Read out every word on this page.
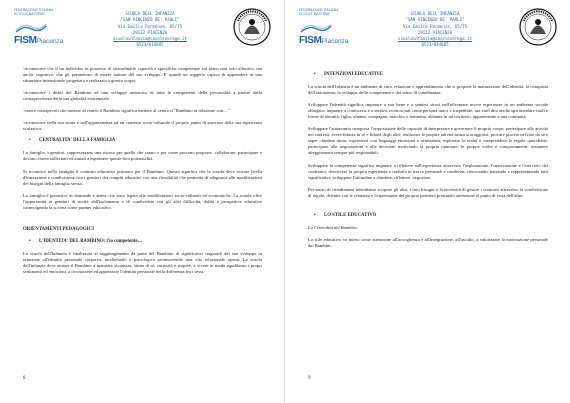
FEDERAZIONE ITALIANA
SCUOLE MATERNE
FISMPiacenza
SCUOLA DELL'INFANZIA
"SAN VINCENZO DE' PAOLI"
Via Emilia Parmense, 65/75
29122 PIACENZA
scuolainfanzia@caselezerego.it
0523/614885

-riconoscere che il un individuo in possesso di straordinarie capacità e specifiche competenze sul piano non solo affettivo, ma anche cognitivo, che gli permettono di essere fautore del suo sviluppo. E' quindi un soggetto capace di apprendere in una situazione intenzionale progettata e realizzata a questo scopo;

-riconoscere i diritti del Bambino ad uno sviluppo armonico di tutte le componenti della personalità a partire dalla consapevolezza della sua globalità esistenziale.

-essere consapevoli che mettere al centro il Bambino significa mettere al centro il "Bambino in relazione con…"

-riconoscere nella sua storia e nell'appartenenza ad un contesto socio-culturale il proprio punto di partenza della sua esperienza scolastica.

•	CENTRALITA' DELLA FAMIGLIA

La famiglia, i genitori, rappresentano una risorsa per quello che sanno e per come possono proporre, collaborare, partecipare e devono essere sollecitati ed aiutati a esprimere queste loro potenzialità.

Si riconosce nella famiglia il contesto educativo primario per il Bambino. Questo significa che la scuola deve trovare livelli d'interazione e condivisione con i genitori dei compiti educativi con una flessibilità che permetta di adeguarsi alle modificazioni dei bisogni della famiglia stessa.

La famiglia è portatrice di domande e attese che sono legate alle modificazioni socio-culturali ed economiche. La scuola offre l'opportunità ai genitori di uscire dall'isolamento e di condividere con gli altri difficoltà, dubbi e prospettive educative coinvolgendo la società come partner educativo.

ORIENTAMENTI PEDAGOGICI
•	L'IDENTITA' DEL BAMBINO: l'io competente…

La scuola dell'Infanzia è finalizzata al raggiungimento da parte del Bambino di significativi traguardi del suo sviluppo in relazione all'identità personale corporea, intellettuale e psicologica promuovendo una vita relazionale aperta. La scuola dell'infanzia deve aiutare il Bambino a maturare sicurezza, stima di sé, curiosità e stupore, a vivere in modo equilibrato i propri sentimenti ed emozioni, a riconoscere ed apprezzare l'identità personale nella differenza fra i sessi.

8
FEDERAZIONE ITALIANA
SCUOLE MATERNE
FISMPiacenza
SCUOLA DELL'INFANZIA
"SAN VINCENZO DE' PAOLI"
Via Emilia Parmense, 65/75
29122 PIACENZA
scuolainfanzia@caselezerego.it
0523/614885
•	INTENZIONI EDUCATIVE

La scuola dell'Infanzia è un ambiente di cura, relazione e apprendimento che si propone la maturazione dell'identità, la conquista dell'autonomia, lo sviluppo delle competenze e del senso di cittadinanza.

Sviluppare l'identità significa imparare a star bene e a sentirsi sicuri nell'affrontare nuove esperienze in un ambiente sociale allargato; imparare a conoscersi e a sentirsi riconosciuti come persona unica e irripetibile, ma vuol dire anche sperimentare ruoli e forme di identità: figlio, alunno, compagno, maschio o femmina, abitante in un territorio, appartenente a una comunità.

Sviluppare l'autonomia comporta l'acquisizione delle capacità di interpretare e governare il proprio corpo; partecipare alle attività nei contesti; avere fiducia in sé e fidarsi degli altri; realizzare le proprie attività senza scoraggiarsi; provare piacere nel fare da sé e saper chiedere aiuto; esprimersi con linguaggi emozioni e sentimenti; esplorare la realtà e comprendere le regole quotidiane; partecipare alle negoziazioni e alle decisioni motivando la propria opinione, le proprie scelte e comportamenti; assumere atteggiamenti sempre più responsabili.

Sviluppare la competenza significa imparare a riflettere sull'esperienza attraverso l'esplorazione, l'osservazione e l'esercizio del confronto; descrivere la propria esperienza e tradurla in tracce personali e condivise, rievocando, narrando e rappresentando fatti significativi; sviluppare l'attitudine a chiedere, riflettere, negoziare.

Per senso di cittadinanza intendiamo scoprire gli altri, i loro bisogni e la necessità di gestire i contrasti attraverso la condivisione di regole, definite con le relazioni e l'espressione del proprio pensiero prestando attenzione al punto di vista dell'altro.

•	LO STILE EDUCATIVO

La Centralità del Bambino

Lo stile educativo va inteso come attenzione all'accoglienza e all'integrazione, all'ascolto, a valorizzare la motivazione personale dei Bambini.

9
